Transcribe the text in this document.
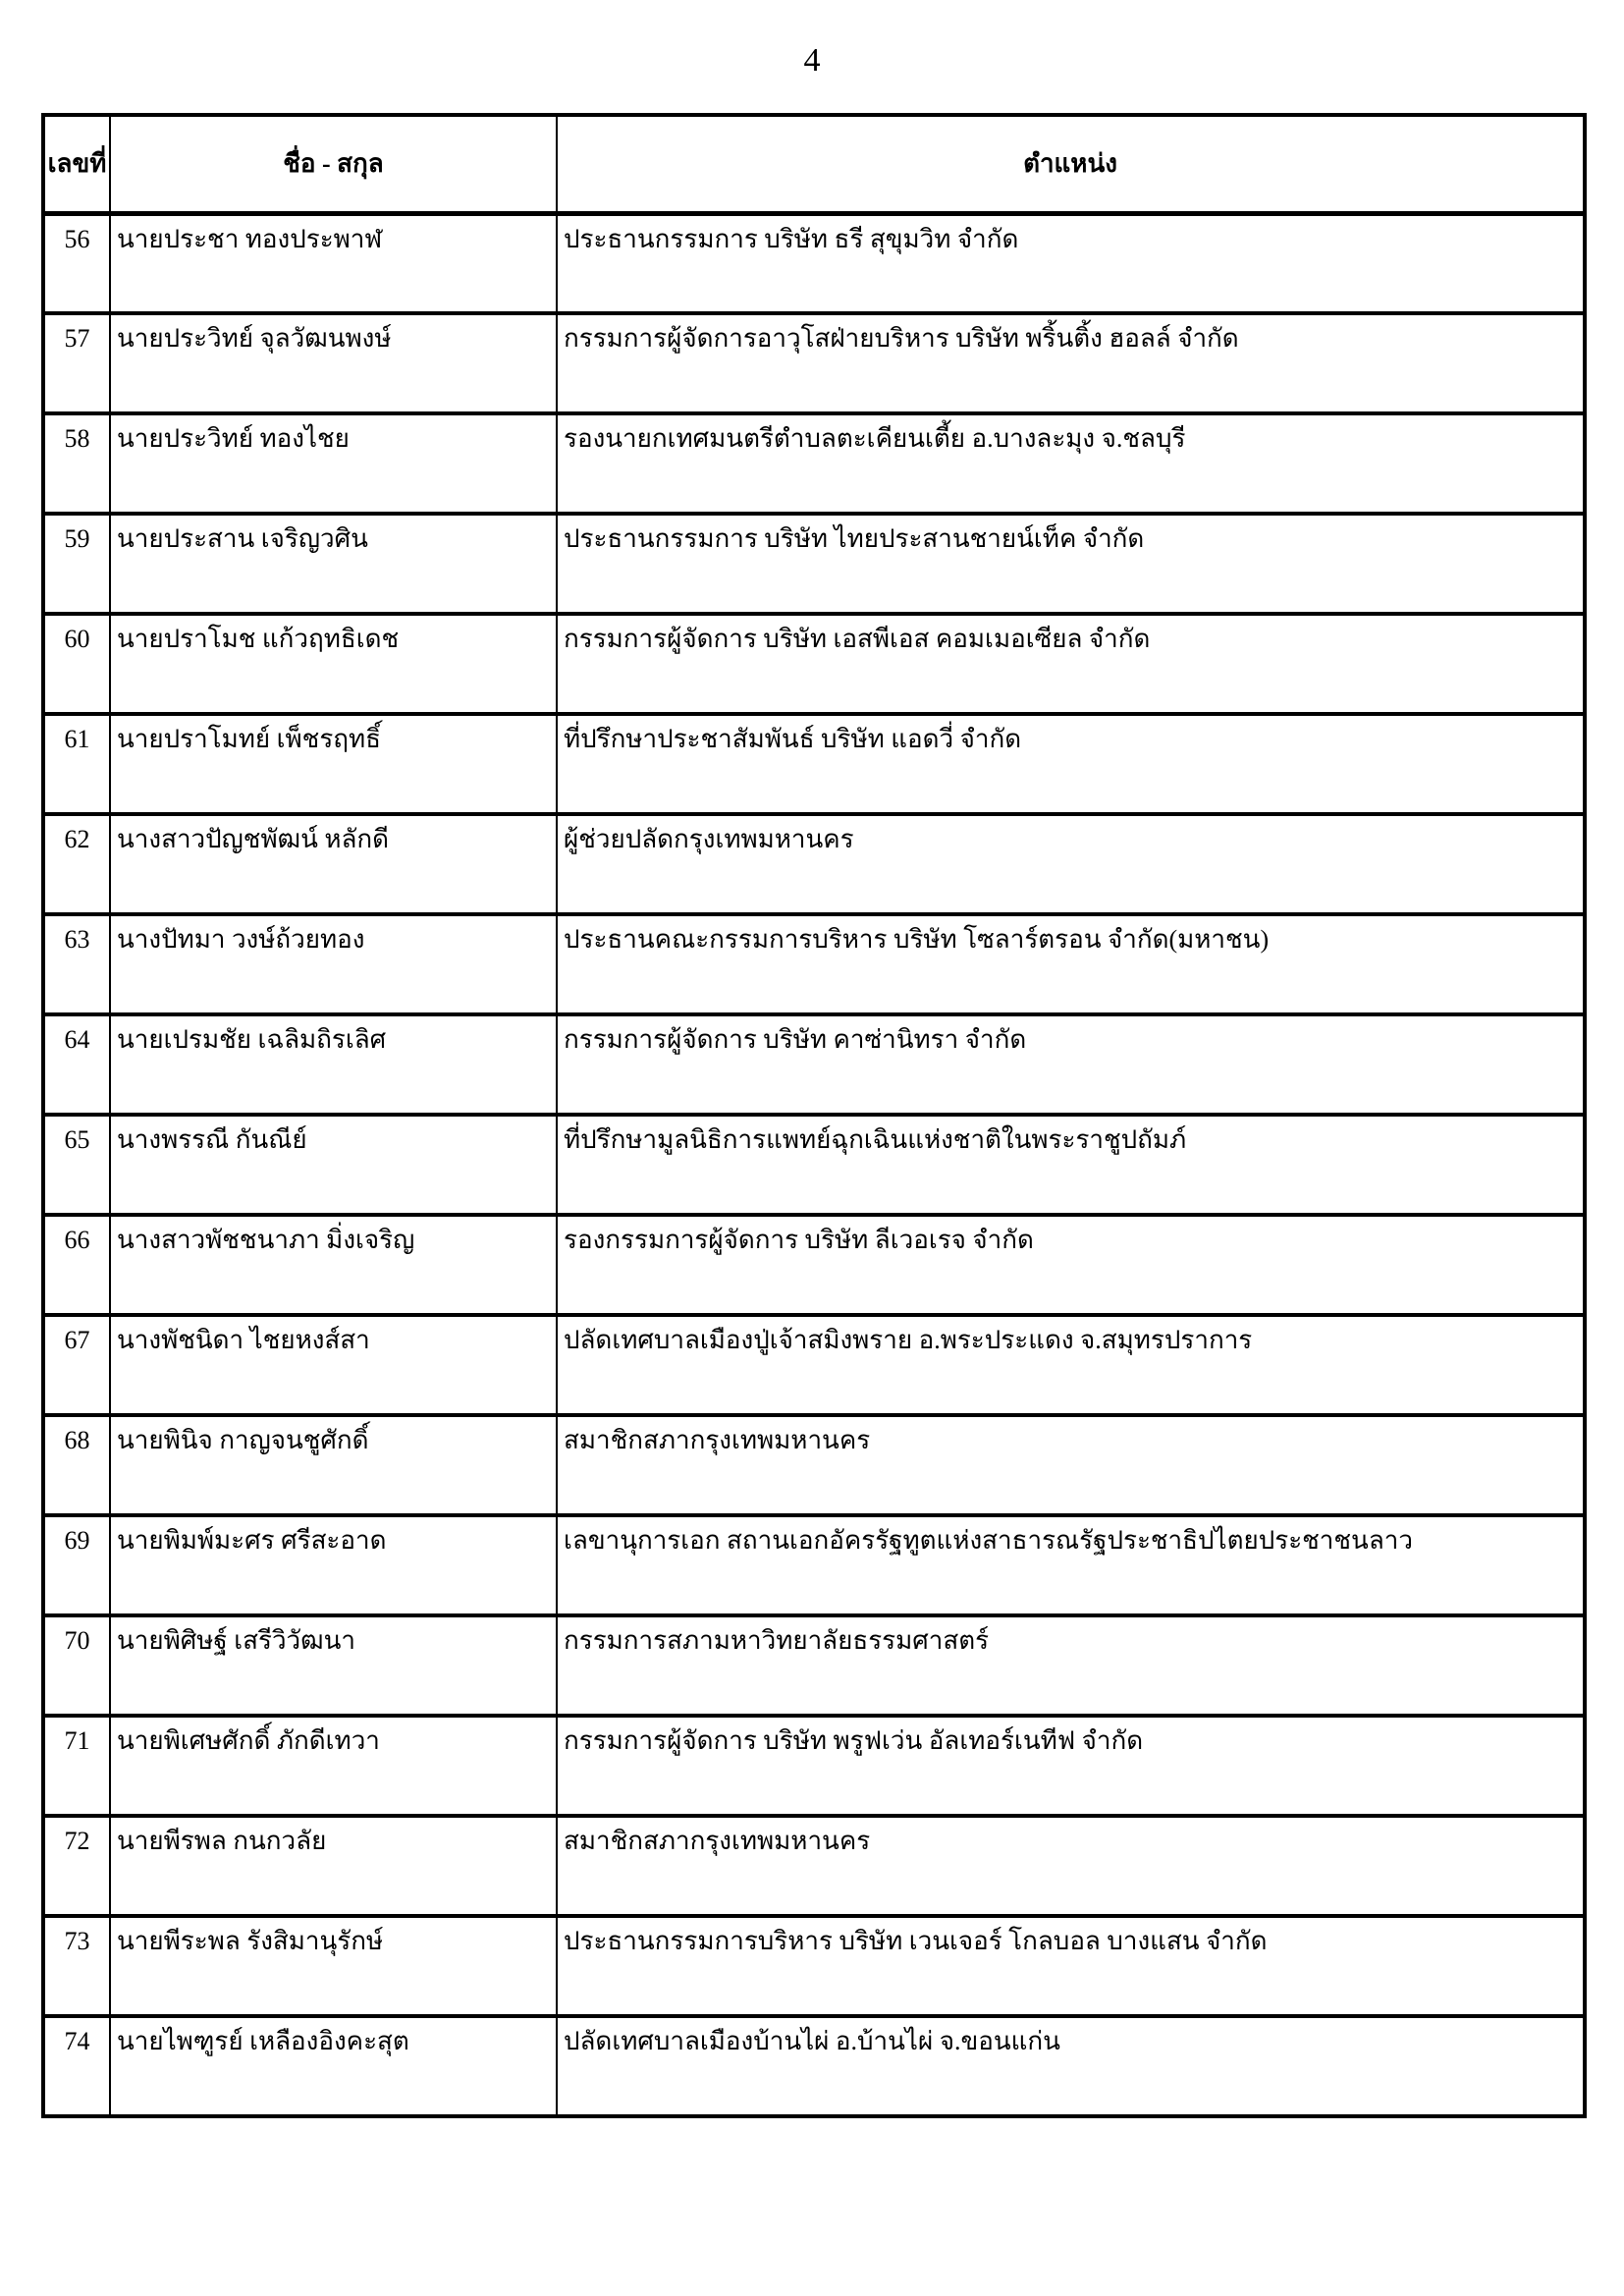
4
เลขที่	ชื่อ - สกุล	ตำแหน่ง
56	นายประชา ทองประพาฬ	ประธานกรรมการ บริษัท ธรี สุขุมวิท จำกัด
57	นายประวิทย์ จุลวัฒนพงษ์	กรรมการผู้จัดการอาวุโสฝ่ายบริหาร บริษัท พริ้นติ้ง ฮอลล์ จำกัด
58	นายประวิทย์ ทองไชย	รองนายกเทศมนตรีตำบลตะเคียนเตี้ย อ.บางละมุง จ.ชลบุรี
59	นายประสาน เจริญวศิน	ประธานกรรมการ บริษัท ไทยประสานชายน์เท็ค จำกัด
60	นายปราโมช แก้วฤทธิเดช	กรรมการผู้จัดการ บริษัท เอสพีเอส คอมเมอเซียล จำกัด
61	นายปราโมทย์ เพ็ชรฤทธิ์	ที่ปรึกษาประชาสัมพันธ์ บริษัท แอดวี่ จำกัด
62	นางสาวปัญชพัฒน์ หลักดี	ผู้ช่วยปลัดกรุงเทพมหานคร
63	นางปัทมา วงษ์ถ้วยทอง	ประธานคณะกรรมการบริหาร บริษัท โซลาร์ตรอน จำกัด(มหาชน)
64	นายเปรมชัย เฉลิมถิรเลิศ	กรรมการผู้จัดการ บริษัท คาซ่านิทรา จำกัด
65	นางพรรณี กันณีย์	ที่ปรึกษามูลนิธิการแพทย์ฉุกเฉินแห่งชาติในพระราชูปถัมภ์
66	นางสาวพัชชนาภา มิ่งเจริญ	รองกรรมการผู้จัดการ บริษัท ลีเวอเรจ จำกัด
67	นางพัชนิดา ไชยหงส์สา	ปลัดเทศบาลเมืองปู่เจ้าสมิงพราย อ.พระประแดง จ.สมุทรปราการ
68	นายพินิจ กาญจนชูศักดิ์	สมาชิกสภากรุงเทพมหานคร
69	นายพิมพ์มะศร ศรีสะอาด	เลขานุการเอก สถานเอกอัครรัฐทูตแห่งสาธารณรัฐประชาธิปไตยประชาชนลาว
70	นายพิศิษฐ์ เสรีวิวัฒนา	กรรมการสภามหาวิทยาลัยธรรมศาสตร์
71	นายพิเศษศักดิ์ ภักดีเทวา	กรรมการผู้จัดการ บริษัท พรูฟเว่น อัลเทอร์เนทีฟ จำกัด
72	นายพีรพล กนกวลัย	สมาชิกสภากรุงเทพมหานคร
73	นายพีระพล รังสิมานุรักษ์	ประธานกรรมการบริหาร บริษัท เวนเจอร์ โกลบอล บางแสน จำกัด
74	นายไพฑูรย์ เหลืองอิงคะสุต	ปลัดเทศบาลเมืองบ้านไผ่ อ.บ้านไผ่ จ.ขอนแก่น
